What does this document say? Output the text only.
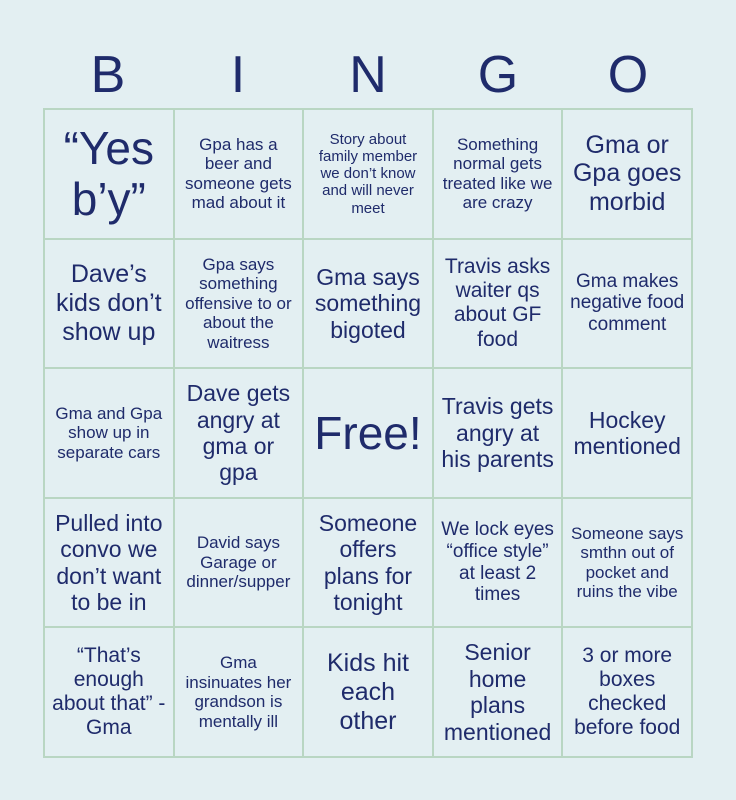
B	I	N	G	O
“Yes b’y”
Gpa has a beer and someone gets mad about it
Story about family member we don’t know and will never meet
Something normal gets treated like we are crazy
Gma or Gpa goes morbid
Dave’s kids don’t show up
Gpa says something offensive to or about the waitress
Gma says something bigoted
Travis asks waiter qs about GF food
Gma makes negative food comment
Gma and Gpa show up in separate cars
Dave gets angry at gma or gpa
Free!
Travis gets angry at his parents
Hockey mentioned
Pulled into convo we don’t want to be in
David says Garage or dinner/supper
Someone offers plans for tonight
We lock eyes “office style” at least 2 times
Someone says smthn out of pocket and ruins the vibe
“That’s enough about that” -Gma
Gma insinuates her grandson is mentally ill
Kids hit each other
Senior home plans mentioned
3 or more boxes checked before food
